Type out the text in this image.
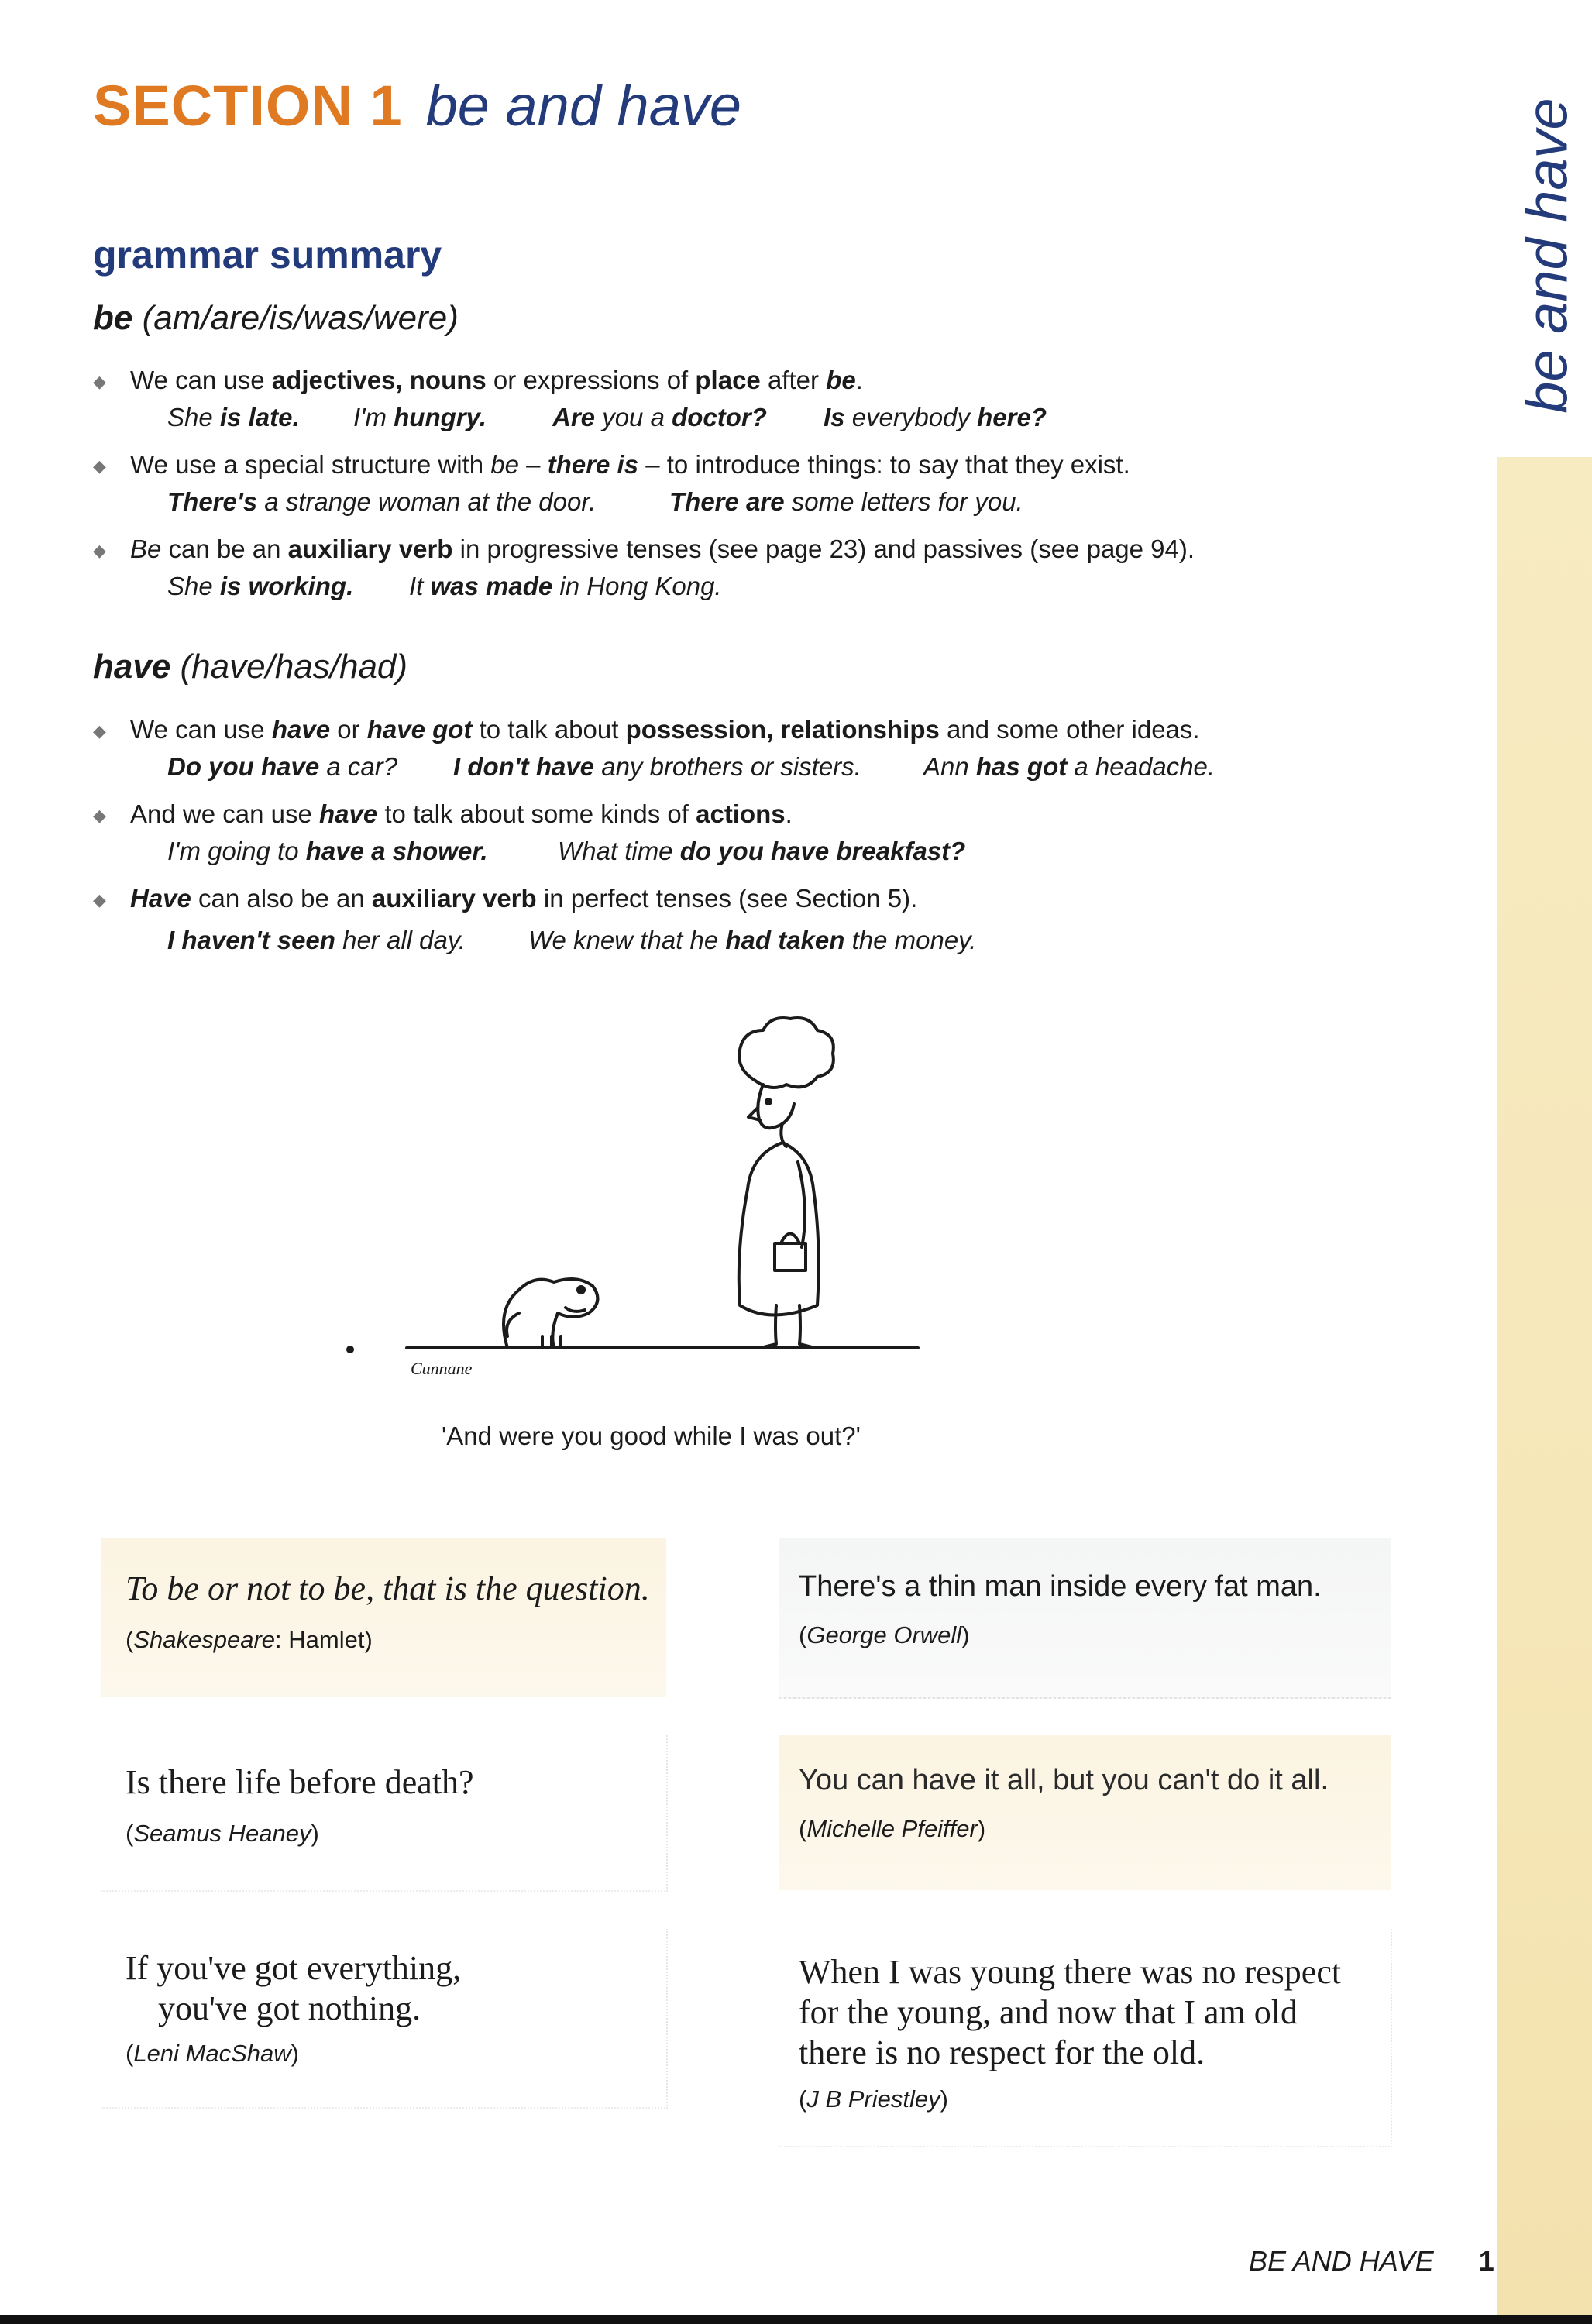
SECTION 1 be and have	be and have
grammar summary
be (am/are/is/was/were)
◆ We can use adjectives, nouns or expressions of place after be.
She is late. I'm hungry.	Are you a doctor? Is everybody here?
◆ We use a special structure with be – there is – to introduce things: to say that they exist.
There's a strange woman at the door.	There are some letters for you.
◆ Be can be an auxiliary verb in progressive tenses (see page 23) and passives (see page 94).
She is working. It was made in Hong Kong.
have (have/has/had)
◆ We can use have or have got to talk about possession, relationships and some other ideas.
Do you have a car? I don't have any brothers or sisters. Ann has got a headache.
◆ And we can use have to talk about some kinds of actions.
I'm going to have a shower.	What time do you have breakfast?
◆ Have can also be an auxiliary verb in perfect tenses (see Section 5).
I haven't seen her all day. We knew that he had taken the money.
Cunnane
'And were you good while I was out?'
To be or not to be, that is the question.
(Shakespeare: Hamlet)
There's a thin man inside every fat man.
(George Orwell)
Is there life before death?
(Seamus Heaney)
You can have it all, but you can't do it all.
(Michelle Pfeiffer)
If you've got everything,
you've got nothing.
(Leni MacShaw)
When I was young there was no respect
for the young, and now that I am old
there is no respect for the old.
(J B Priestley)
BE AND HAVE 1
